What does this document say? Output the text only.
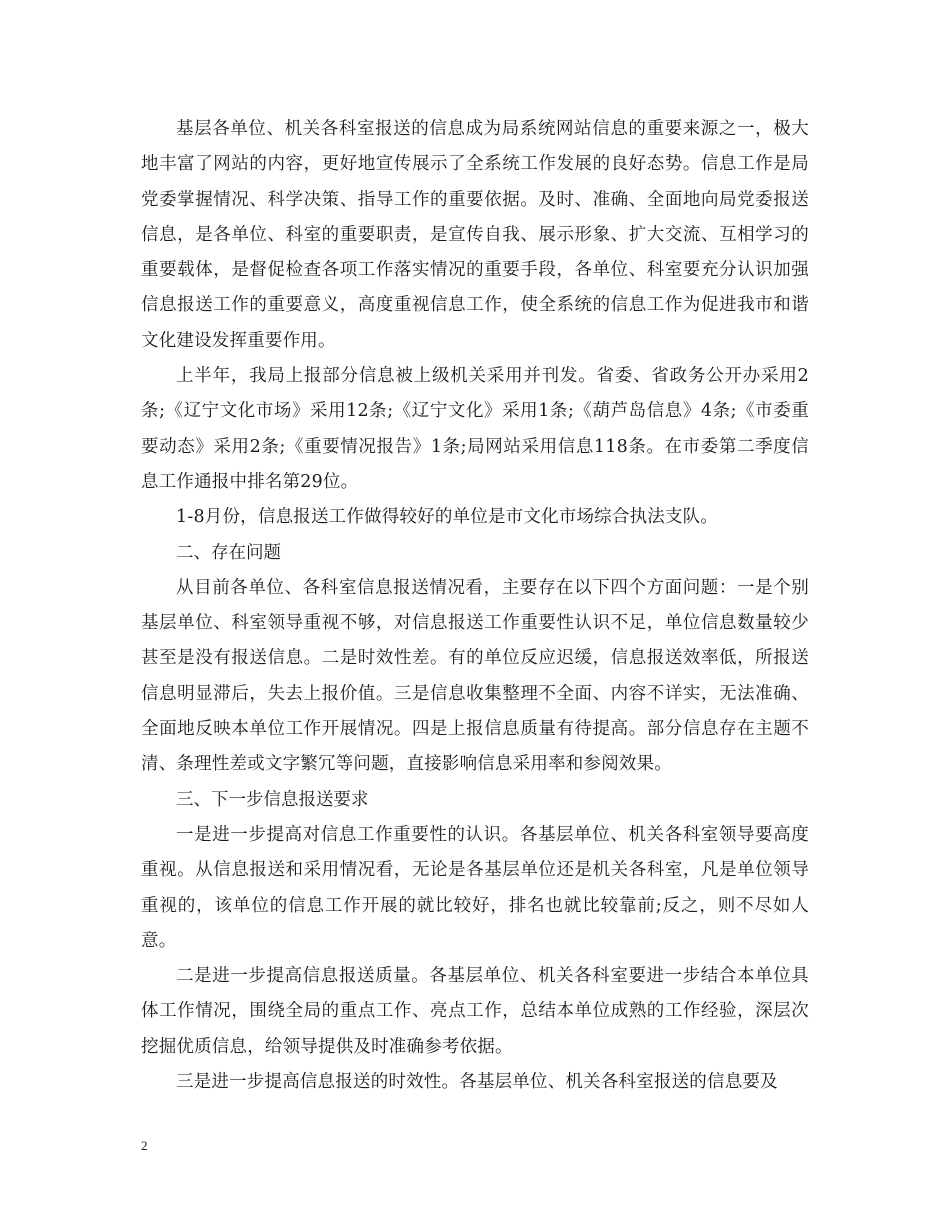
基层各单位、机关各科室报送的信息成为局系统网站信息的重要来源之一，极大地丰富了网站的内容，更好地宣传展示了全系统工作发展的良好态势。信息工作是局党委掌握情况、科学决策、指导工作的重要依据。及时、准确、全面地向局党委报送信息，是各单位、科室的重要职责，是宣传自我、展示形象、扩大交流、互相学习的重要载体，是督促检查各项工作落实情况的重要手段，各单位、科室要充分认识加强信息报送工作的重要意义，高度重视信息工作，使全系统的信息工作为促进我市和谐文化建设发挥重要作用。

上半年，我局上报部分信息被上级机关采用并刊发。省委、省政务公开办采用2条;《辽宁文化市场》采用12条;《辽宁文化》采用1条;《葫芦岛信息》4条;《市委重要动态》采用2条;《重要情况报告》1条;局网站采用信息118条。在市委第二季度信息工作通报中排名第29位。

1-8月份，信息报送工作做得较好的单位是市文化市场综合执法支队。

二、存在问题

从目前各单位、各科室信息报送情况看，主要存在以下四个方面问题：一是个别基层单位、科室领导重视不够，对信息报送工作重要性认识不足，单位信息数量较少甚至是没有报送信息。二是时效性差。有的单位反应迟缓，信息报送效率低，所报送信息明显滞后，失去上报价值。三是信息收集整理不全面、内容不详实，无法准确、全面地反映本单位工作开展情况。四是上报信息质量有待提高。部分信息存在主题不清、条理性差或文字繁冗等问题，直接影响信息采用率和参阅效果。

三、下一步信息报送要求

一是进一步提高对信息工作重要性的认识。各基层单位、机关各科室领导要高度重视。从信息报送和采用情况看，无论是各基层单位还是机关各科室，凡是单位领导重视的，该单位的信息工作开展的就比较好，排名也就比较靠前;反之，则不尽如人意。

二是进一步提高信息报送质量。各基层单位、机关各科室要进一步结合本单位具体工作情况，围绕全局的重点工作、亮点工作，总结本单位成熟的工作经验，深层次挖掘优质信息，给领导提供及时准确参考依据。

三是进一步提高信息报送的时效性。各基层单位、机关各科室报送的信息要及

2
